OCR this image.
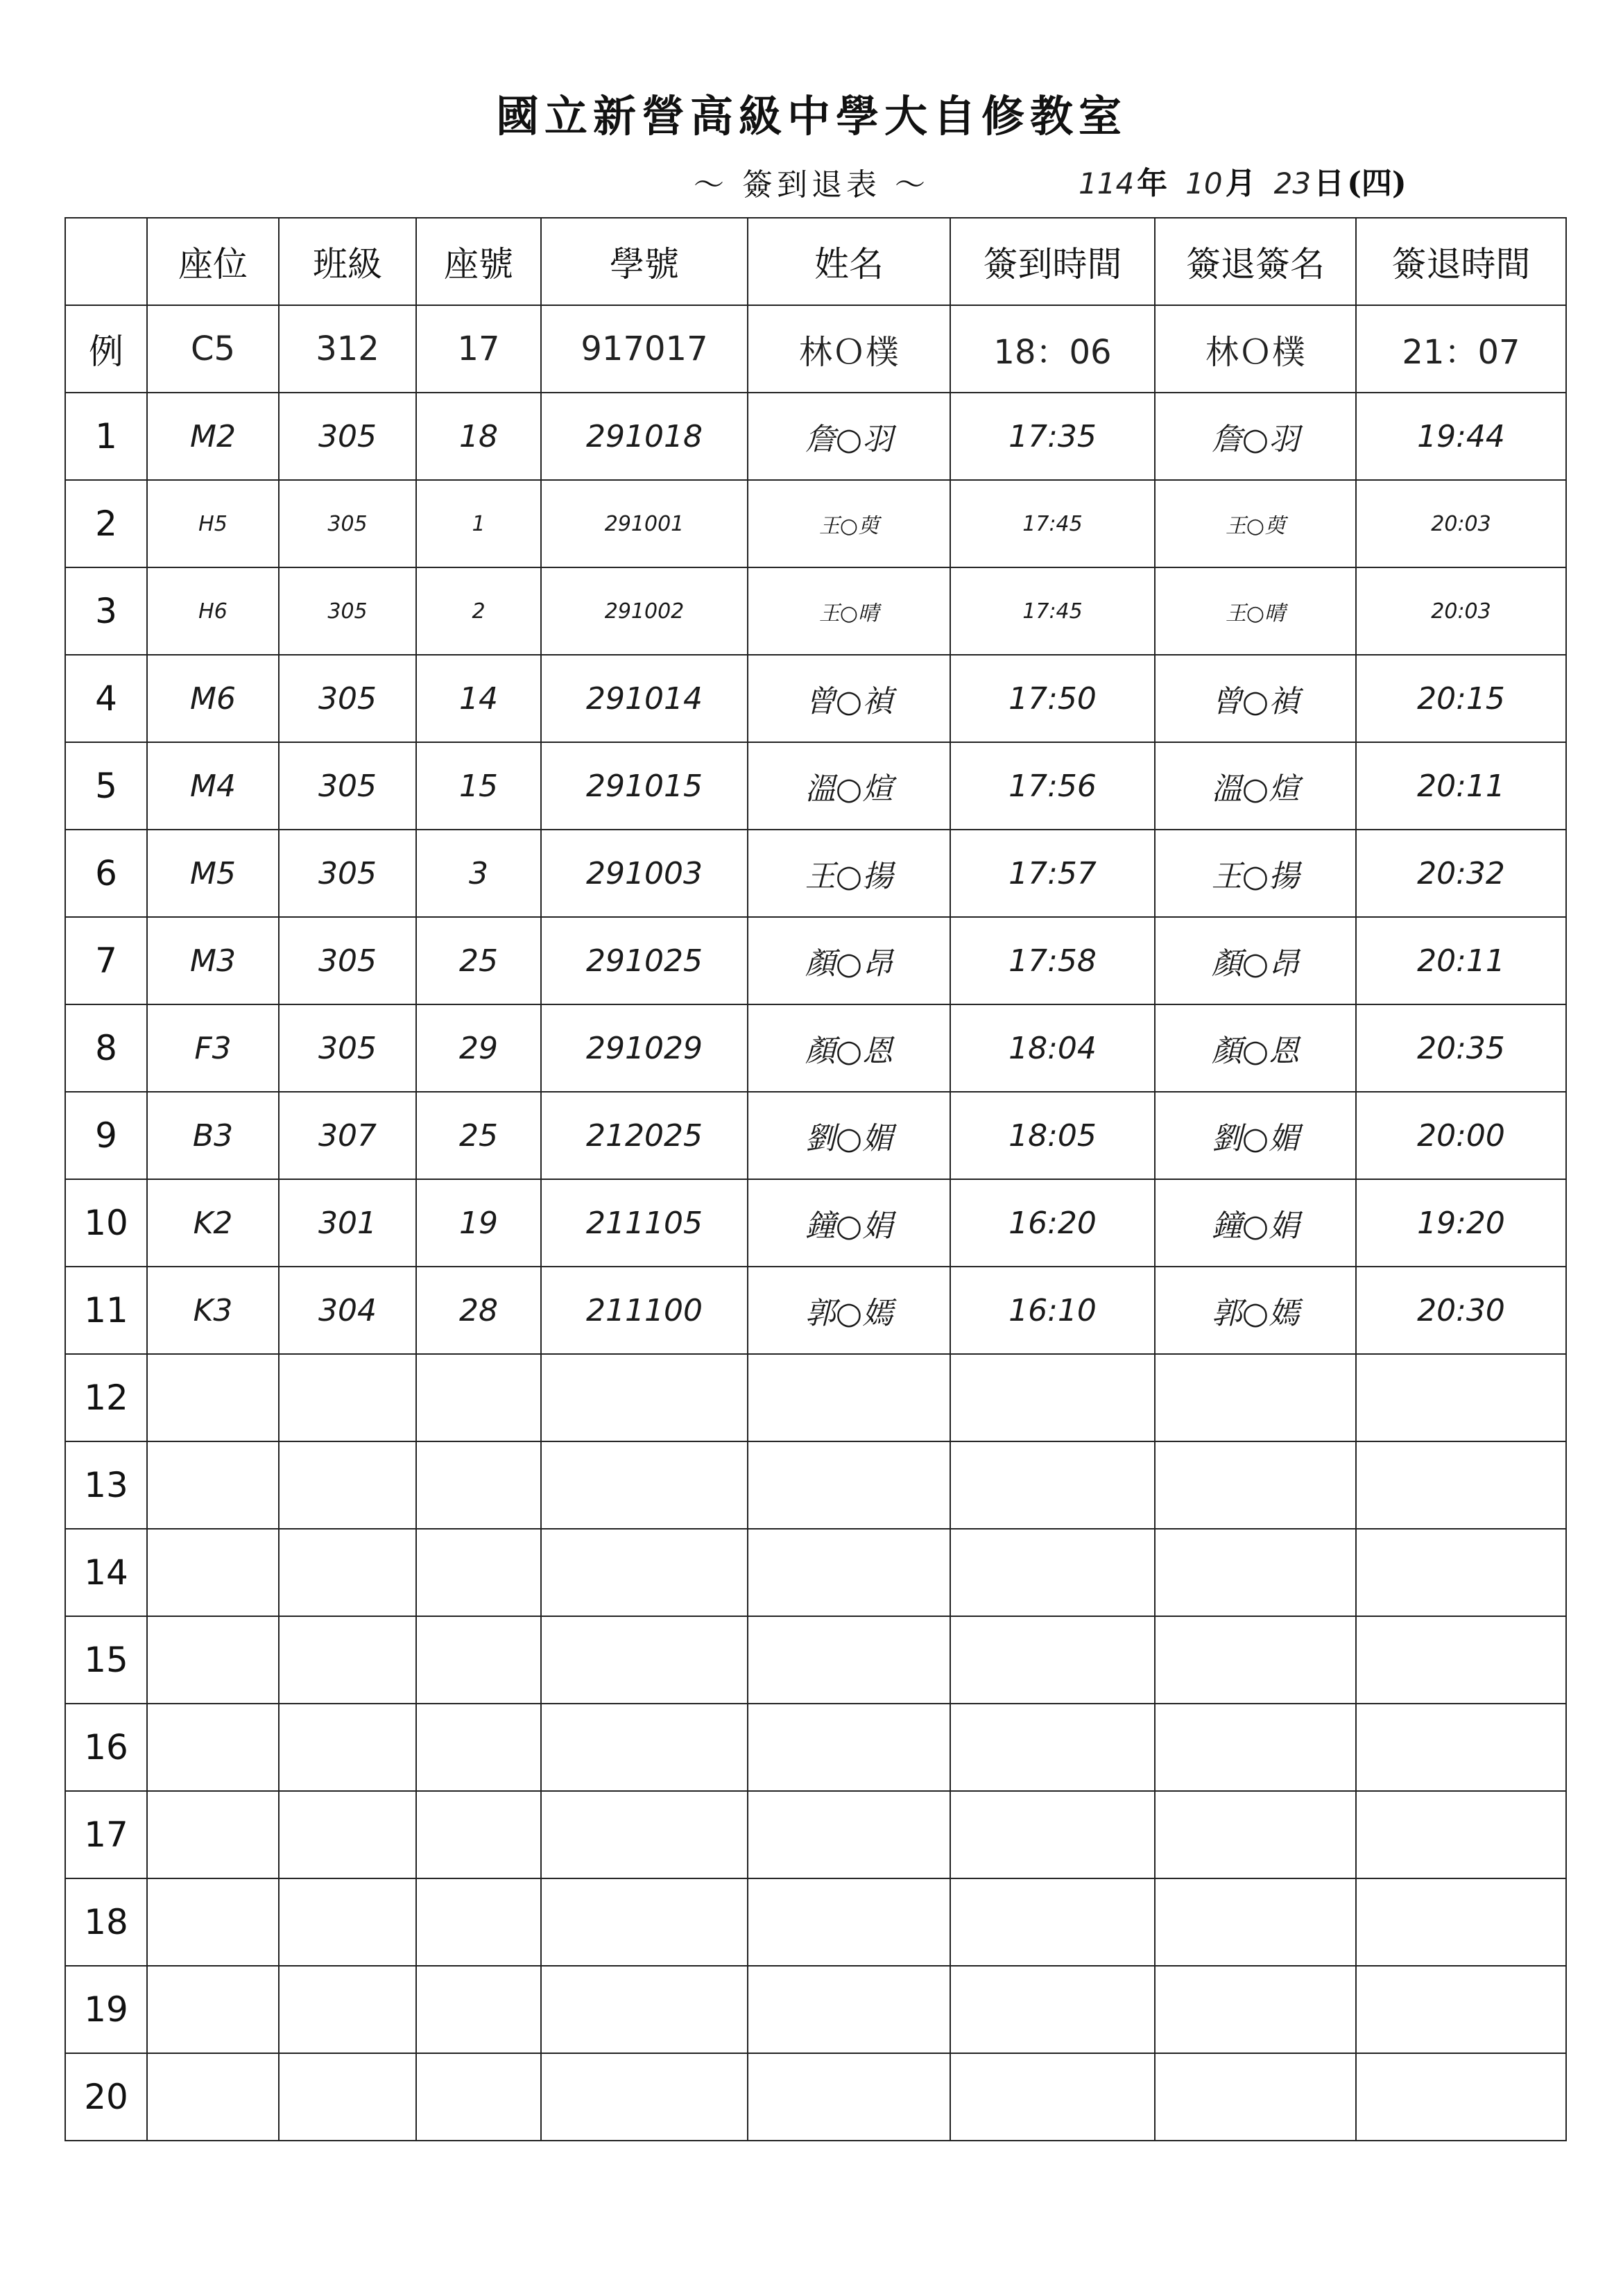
國立新營高級中學大自修教室
～ 簽到退表 ～	114 年 10 月 23 日 (四)
	座位	班級	座號	學號	姓名	簽到時間	簽退簽名	簽退時間
例	C5	312	17	917017	林Ｏ樸	18：06	林Ｏ樸	21：07
1	M2	305	18	291018	詹○羽	17:35	詹○羽	19:44
2	H5	305	1	291001	王○萸	17:45	王○萸	20:03
3	H6	305	2	291002	王○晴	17:45	王○晴	20:03
4	M6	305	14	291014	曾○禎	17:50	曾○禎	20:15
5	M4	305	15	291015	溫○煊	17:56	溫○煊	20:11
6	M5	305	3	291003	王○揚	17:57	王○揚	20:32
7	M3	305	25	291025	顏○昂	17:58	顏○昂	20:11
8	F3	305	29	291029	顏○恩	18:04	顏○恩	20:35
9	B3	307	25	212025	劉○媚	18:05	劉○媚	20:00
10	K2	301	19	211105	鐘○娟	16:20	鐘○娟	19:20
11	K3	304	28	211100	郭○嫣	16:10	郭○嫣	20:30
12								
13								
14								
15								
16								
17								
18								
19								
20								
